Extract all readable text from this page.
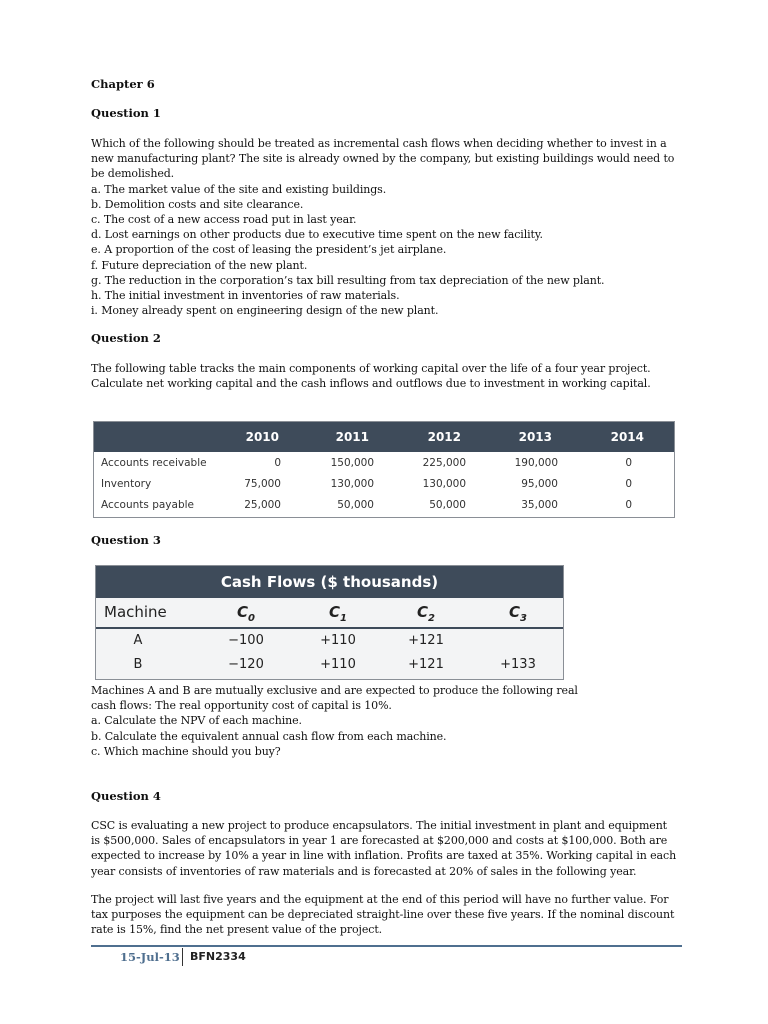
Chapter 6
Question 1

Which of the following should be treated as incremental cash flows when deciding whether to invest in a new manufacturing plant? The site is already owned by the company, but existing buildings would need to be demolished.

a. The market value of the site and existing buildings.

b. Demolition costs and site clearance.

c. The cost of a new access road put in last year.

d. Lost earnings on other products due to executive time spent on the new facility.

e. A proportion of the cost of leasing the president’s jet airplane.

f. Future depreciation of the new plant.

g. The reduction in the corporation’s tax bill resulting from tax depreciation of the new plant.

h. The initial investment in inventories of raw materials.

i. Money already spent on engineering design of the new plant.

Question 2
The following table tracks the main components of working capital over the life of a four year project. Calculate net working capital and the cash inflows and outflows due to investment in working capital.
2010	2011	2012	2013	2014
Accounts receivable	0	150,000	225,000	190,000	0
Inventory	75,000	130,000	130,000	95,000	0
Accounts payable	25,000	50,000	50,000	35,000	0
Question 3
Cash Flows ($ thousands)
Machine	$C_0$	$C_1$	$C_2$	$C_3$
A	−100	+110	+121
B	−120	+110	+121	+133

Machines A and B are mutually exclusive and are expected to produce the following real

cash flows: The real opportunity cost of capital is 10%.

a. Calculate the NPV of each machine.

b. Calculate the equivalent annual cash flow from each machine.

c. Which machine should you buy?

Question 4

CSC is evaluating a new project to produce encapsulators. The initial investment in plant and equipment is $500,000. Sales of encapsulators in year 1 are forecasted at $200,000 and costs at $100,000. Both are expected to increase by 10% a year in line with inflation. Profits are taxed at 35%. Working capital in each year consists of inventories of raw materials and is forecasted at 20% of sales in the following year.

The project will last five years and the equipment at the end of this period will have no further value. For tax purposes the equipment can be depreciated straight-line over these five years. If the nominal discount rate is 15%, find the net present value of the project.

15-Jul-13 BFN2334
